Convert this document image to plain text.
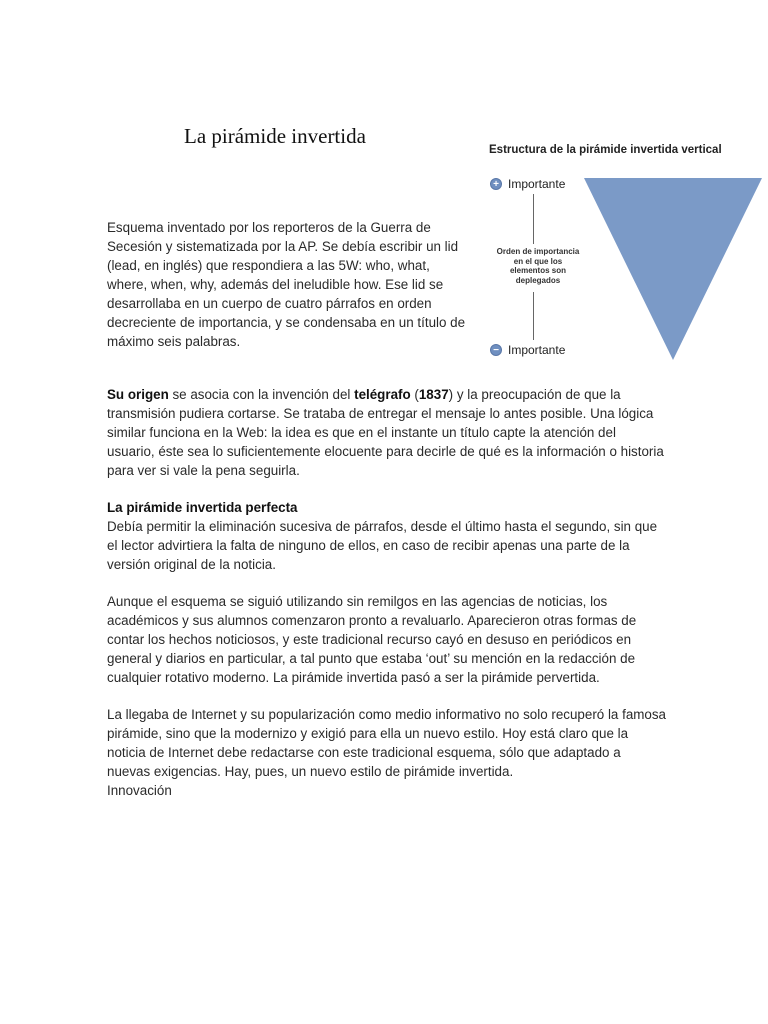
La pirámide invertida

Esquema inventado por los reporteros de la Guerra de Secesión y sistematizada por la AP. Se debía escribir un lid (lead, en inglés) que respondiera a las 5W: who, what, where, when, why, además del ineludible how. Ese lid se desarrollaba en un cuerpo de cuatro párrafos en orden decreciente de importancia, y se condensaba en un título de máximo seis palabras.

Estructura de la pirámide invertida vertical

+ Importante
Orden de importancia en el que los elementos son deplegados
− Importante

Su origen se asocia con la invención del telégrafo (1837) y la preocupación de que la transmisión pudiera cortarse. Se trataba de entregar el mensaje lo antes posible. Una lógica similar funciona en la Web: la idea es que en el instante un título capte la atención del usuario, éste sea lo suficientemente elocuente para decirle de qué es la información o historia para ver si vale la pena seguirla.

La pirámide invertida perfecta
Debía permitir la eliminación sucesiva de párrafos, desde el último hasta el segundo, sin que el lector advirtiera la falta de ninguno de ellos, en caso de recibir apenas una parte de la versión original de la noticia.

Aunque el esquema se siguió utilizando sin remilgos en las agencias de noticias, los académicos y sus alumnos comenzaron pronto a revaluarlo. Aparecieron otras formas de contar los hechos noticiosos, y este tradicional recurso cayó en desuso en periódicos en general y diarios en particular, a tal punto que estaba ‘out’ su mención en la redacción de cualquier rotativo moderno. La pirámide invertida pasó a ser la pirámide pervertida.

La llegaba de Internet y su popularización como medio informativo no solo recuperó la famosa pirámide, sino que la modernizo y exigió para ella un nuevo estilo. Hoy está claro que la noticia de Internet debe redactarse con este tradicional esquema, sólo que adaptado a nuevas exigencias. Hay, pues, un nuevo estilo de pirámide invertida.
Innovación
